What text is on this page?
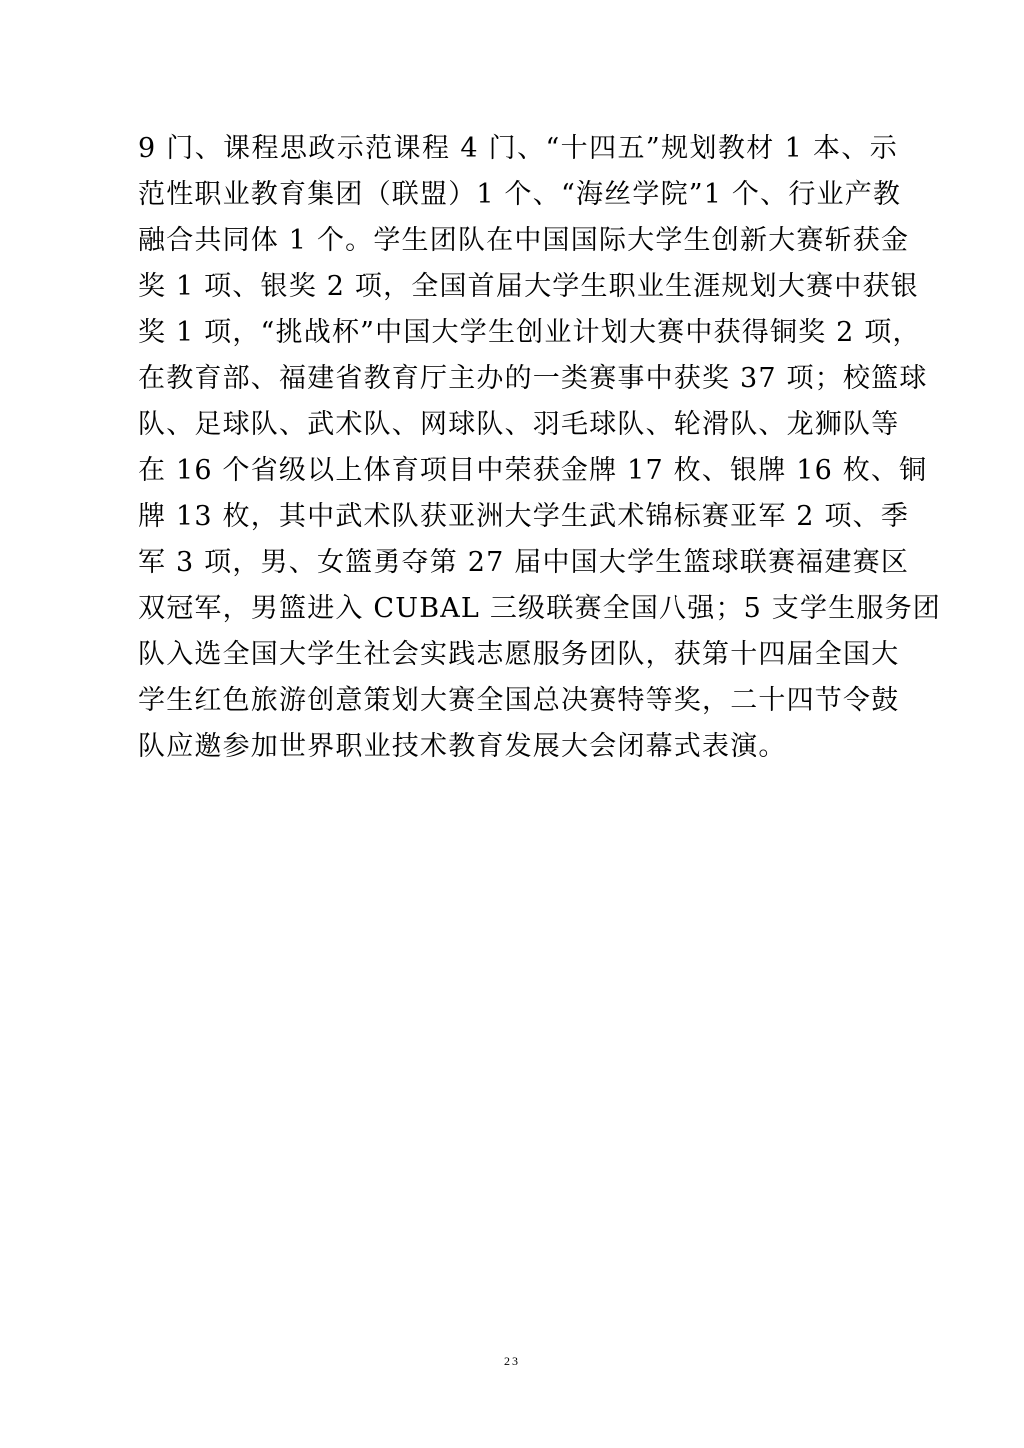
9 门、课程思政示范课程 4 门、“十四五”规划教材 1 本、示
范性职业教育集团（联盟）1 个、“海丝学院”1 个、行业产教
融合共同体 1 个。学生团队在中国国际大学生创新大赛斩获金
奖 1 项、银奖 2 项，全国首届大学生职业生涯规划大赛中获银
奖 1 项，“挑战杯”中国大学生创业计划大赛中获得铜奖 2 项，
在教育部、福建省教育厅主办的一类赛事中获奖 37 项；校篮球
队、足球队、武术队、网球队、羽毛球队、轮滑队、龙狮队等
在 16 个省级以上体育项目中荣获金牌 17 枚、银牌 16 枚、铜
牌 13 枚，其中武术队获亚洲大学生武术锦标赛亚军 2 项、季
军 3 项，男、女篮勇夺第 27 届中国大学生篮球联赛福建赛区
双冠军，男篮进入 CUBAL 三级联赛全国八强；5 支学生服务团
队入选全国大学生社会实践志愿服务团队，获第十四届全国大
学生红色旅游创意策划大赛全国总决赛特等奖，二十四节令鼓
队应邀参加世界职业技术教育发展大会闭幕式表演。
23
